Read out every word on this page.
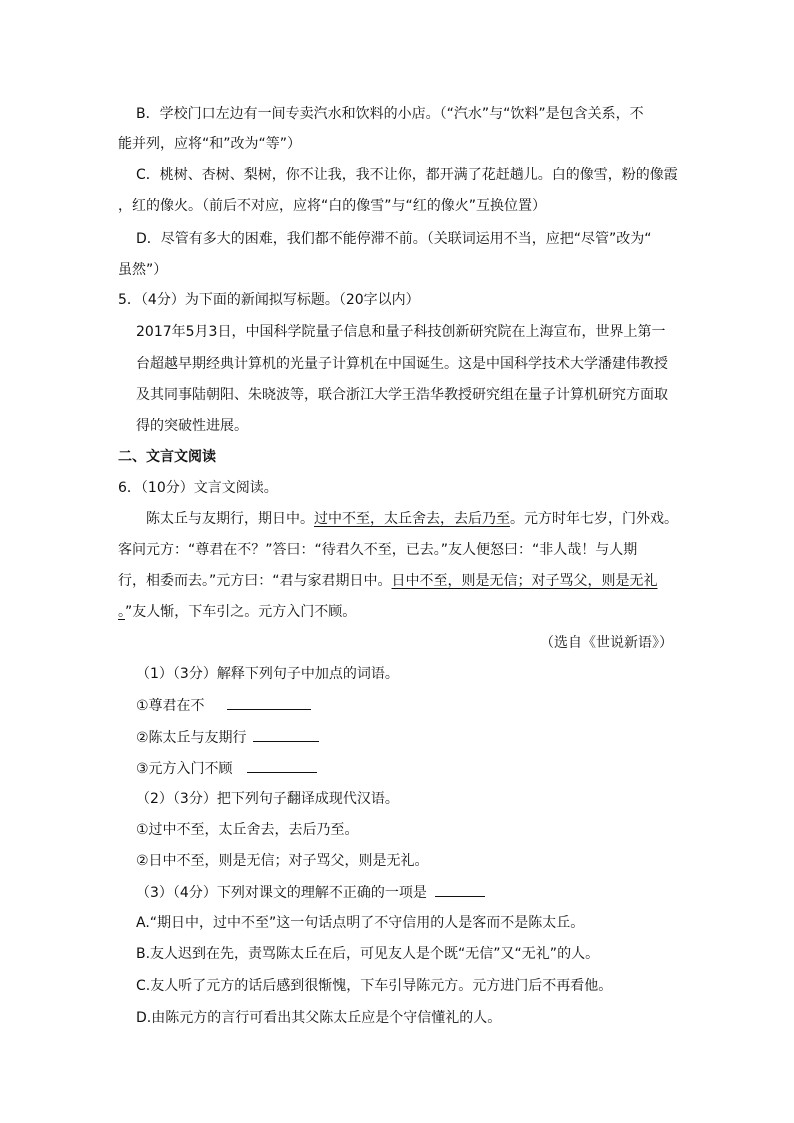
B．学校门口左边有一间专卖汽水和饮料的小店。（“汽水”与“饮料”是包含关系，不
能并列，应将“和”改为“等”）
C．桃树、杏树、梨树，你不让我，我不让你，都开满了花赶趟儿。白的像雪，粉的像霞
，红的像火。（前后不对应，应将“白的像雪”与“红的像火”互换位置）
D．尽管有多大的困难，我们都不能停滞不前。（关联词运用不当，应把“尽管”改为“
虽然”）
5．（4分）为下面的新闻拟写标题。（20字以内）
2017年5月3日，中国科学院量子信息和量子科技创新研究院在上海宣布，世界上第一
台超越早期经典计算机的光量子计算机在中国诞生。这是中国科学技术大学潘建伟教授
及其同事陆朝阳、朱晓波等，联合浙江大学王浩华教授研究组在量子计算机研究方面取
得的突破性进展。
二、文言文阅读
6．（10分）文言文阅读。
陈太丘与友期行，期日中。过中不至，太丘舍去，去后乃至。元方时年七岁，门外戏。
客问元方：“尊君在不？”答曰：“待君久不至，已去。”友人便怒曰：“非人哉！与人期
行，相委而去。”元方曰：“君与家君期日中。日中不至，则是无信；对子骂父，则是无礼
。”友人惭，下车引之。元方入门不顾。
（选自《世说新语》）
（1）（3分）解释下列句子中加点的词语。
①尊君在不
②陈太丘与友期行
③元方入门不顾
（2）（3分）把下列句子翻译成现代汉语。
①过中不至，太丘舍去，去后乃至。
②日中不至，则是无信；对子骂父，则是无礼。
（3）（4分）下列对课文的理解不正确的一项是
A.“期日中，过中不至”这一句话点明了不守信用的人是客而不是陈太丘。
B.友人迟到在先，责骂陈太丘在后，可见友人是个既“无信”又“无礼”的人。
C.友人听了元方的话后感到很惭愧，下车引导陈元方。元方进门后不再看他。
D.由陈元方的言行可看出其父陈太丘应是个守信懂礼的人。
